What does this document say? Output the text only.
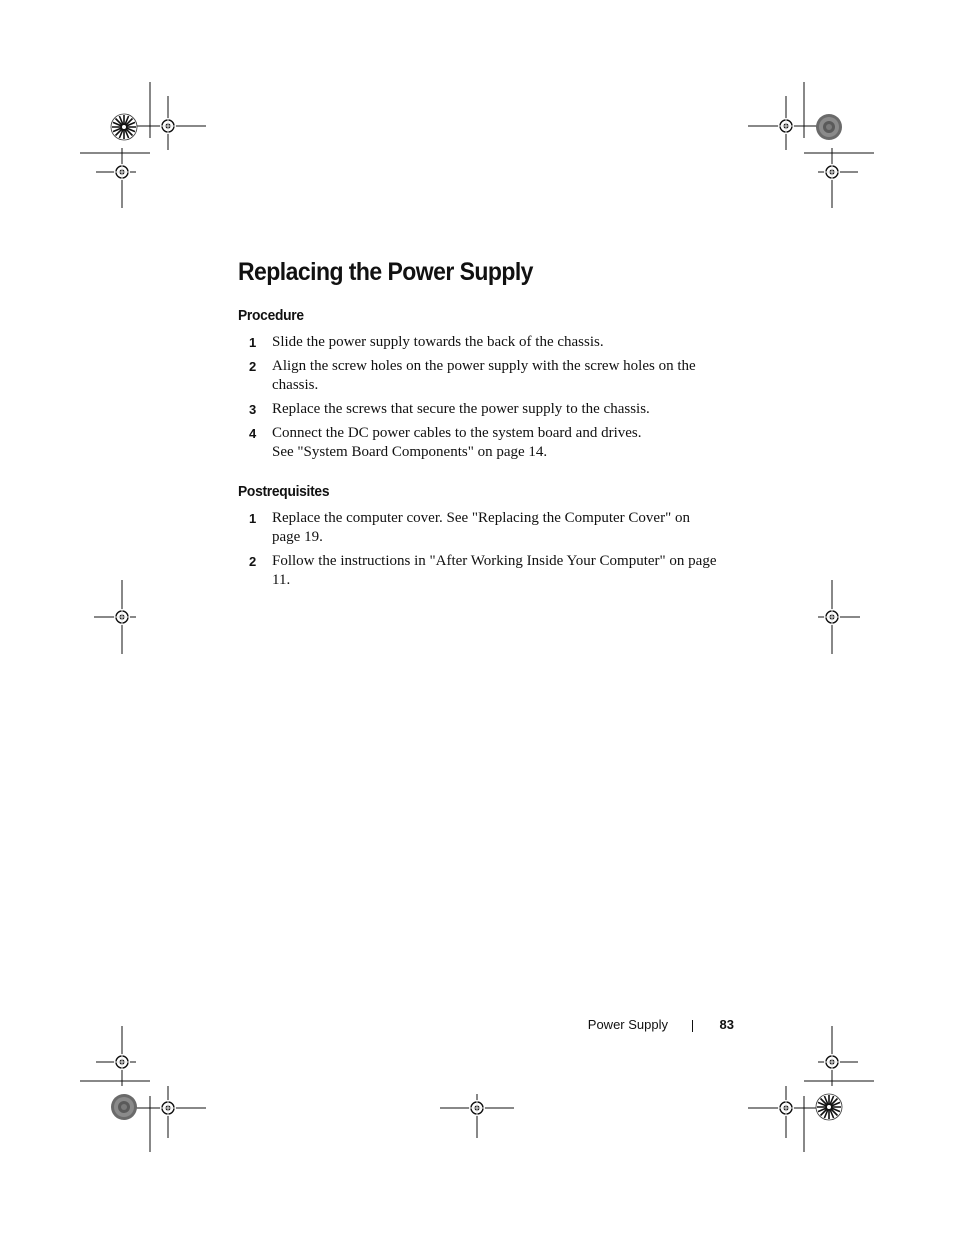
Replacing the Power Supply
Procedure
1 Slide the power supply towards the back of the chassis.
2 Align the screw holes on the power supply with the screw holes on the chassis.
3 Replace the screws that secure the power supply to the chassis.
4 Connect the DC power cables to the system board and drives.
See "System Board Components" on page 14.
Postrequisites
1 Replace the computer cover. See "Replacing the Computer Cover" on page 19.
2 Follow the instructions in "After Working Inside Your Computer" on page 11.
Power Supply	83
